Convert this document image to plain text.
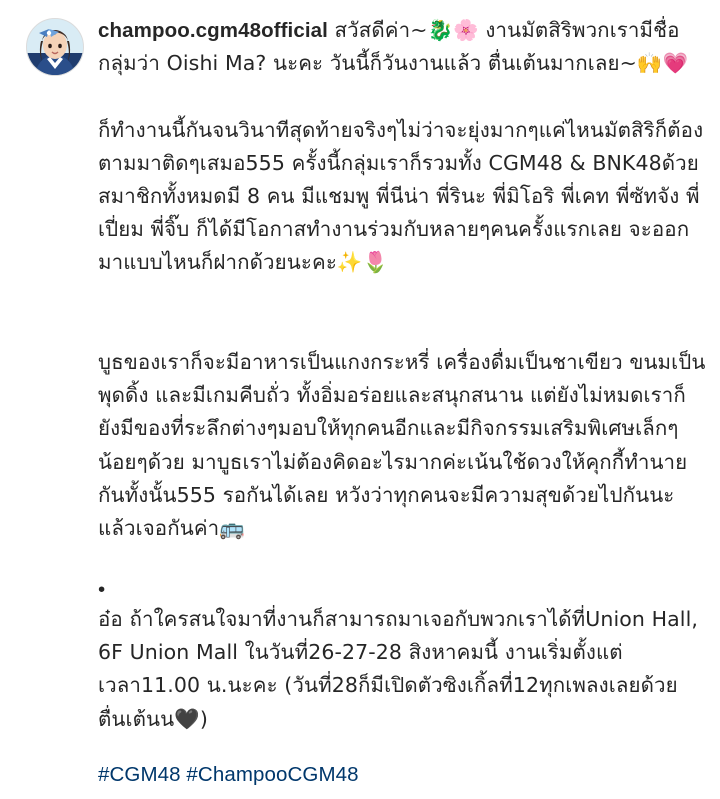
champoo.cgm48official สวัสดีค่า~🐉🌸 งานมัตสิริพวกเรามีชื่อกลุ่มว่า Oishi Ma? นะคะ วันนี้ก็วันงานแล้ว ตื่นเต้นมากเลย~🙌💗
ก็ทำงานนี้กันจนวินาทีสุดท้ายจริงๆไม่ว่าจะยุ่งมากๆแค่ไหนมัตสิริก็ต้องตามมาติดๆเสมอ555 ครั้งนี้กลุ่มเราก็รวมทั้ง CGM48 & BNK48ด้วย สมาชิกทั้งหมดมี 8 คน มีแชมพู พี่นีน่า พี่รินะ พี่มิโอริ พี่เคท พี่ซัทจัง พี่เปี่ยม พี่จิ๊บ ก็ได้มีโอกาสทำงานร่วมกับหลายๆคนครั้งแรกเลย จะออกมาแบบไหนก็ฝากด้วยนะคะ✨🌷
บูธของเราก็จะมีอาหารเป็นแกงกระหรี่ เครื่องดื่มเป็นชาเขียว ขนมเป็นพุดดิ้ง และมีเกมคีบถั่ว ทั้งอิ่มอร่อยและสนุกสนาน แต่ยังไม่หมดเราก็ยังมีของที่ระลึกต่างๆมอบให้ทุกคนอีกและมีกิจกรรมเสริมพิเศษเล็กๆน้อยๆด้วย มาบูธเราไม่ต้องคิดอะไรมากค่ะเน้นใช้ดวงให้คุกกี้ทำนายกันทั้งนั้น555 รอกันได้เลย หวังว่าทุกคนจะมีความสุขด้วยไปกันนะ แล้วเจอกันค่า🚌
•
อ๋อ ถ้าใครสนใจมาที่งานก็สามารถมาเจอกับพวกเราได้ที่Union Hall, 6F Union Mall ในวันที่26-27-28 สิงหาคมนี้ งานเริ่มตั้งแต่เวลา11.00 น.นะคะ (วันที่28ก็มีเปิดตัวซิงเกิ้ลที่12ทุกเพลงเลยด้วย ตื่นเต้นน🖤)
#CGM48 #ChampooCGM48
